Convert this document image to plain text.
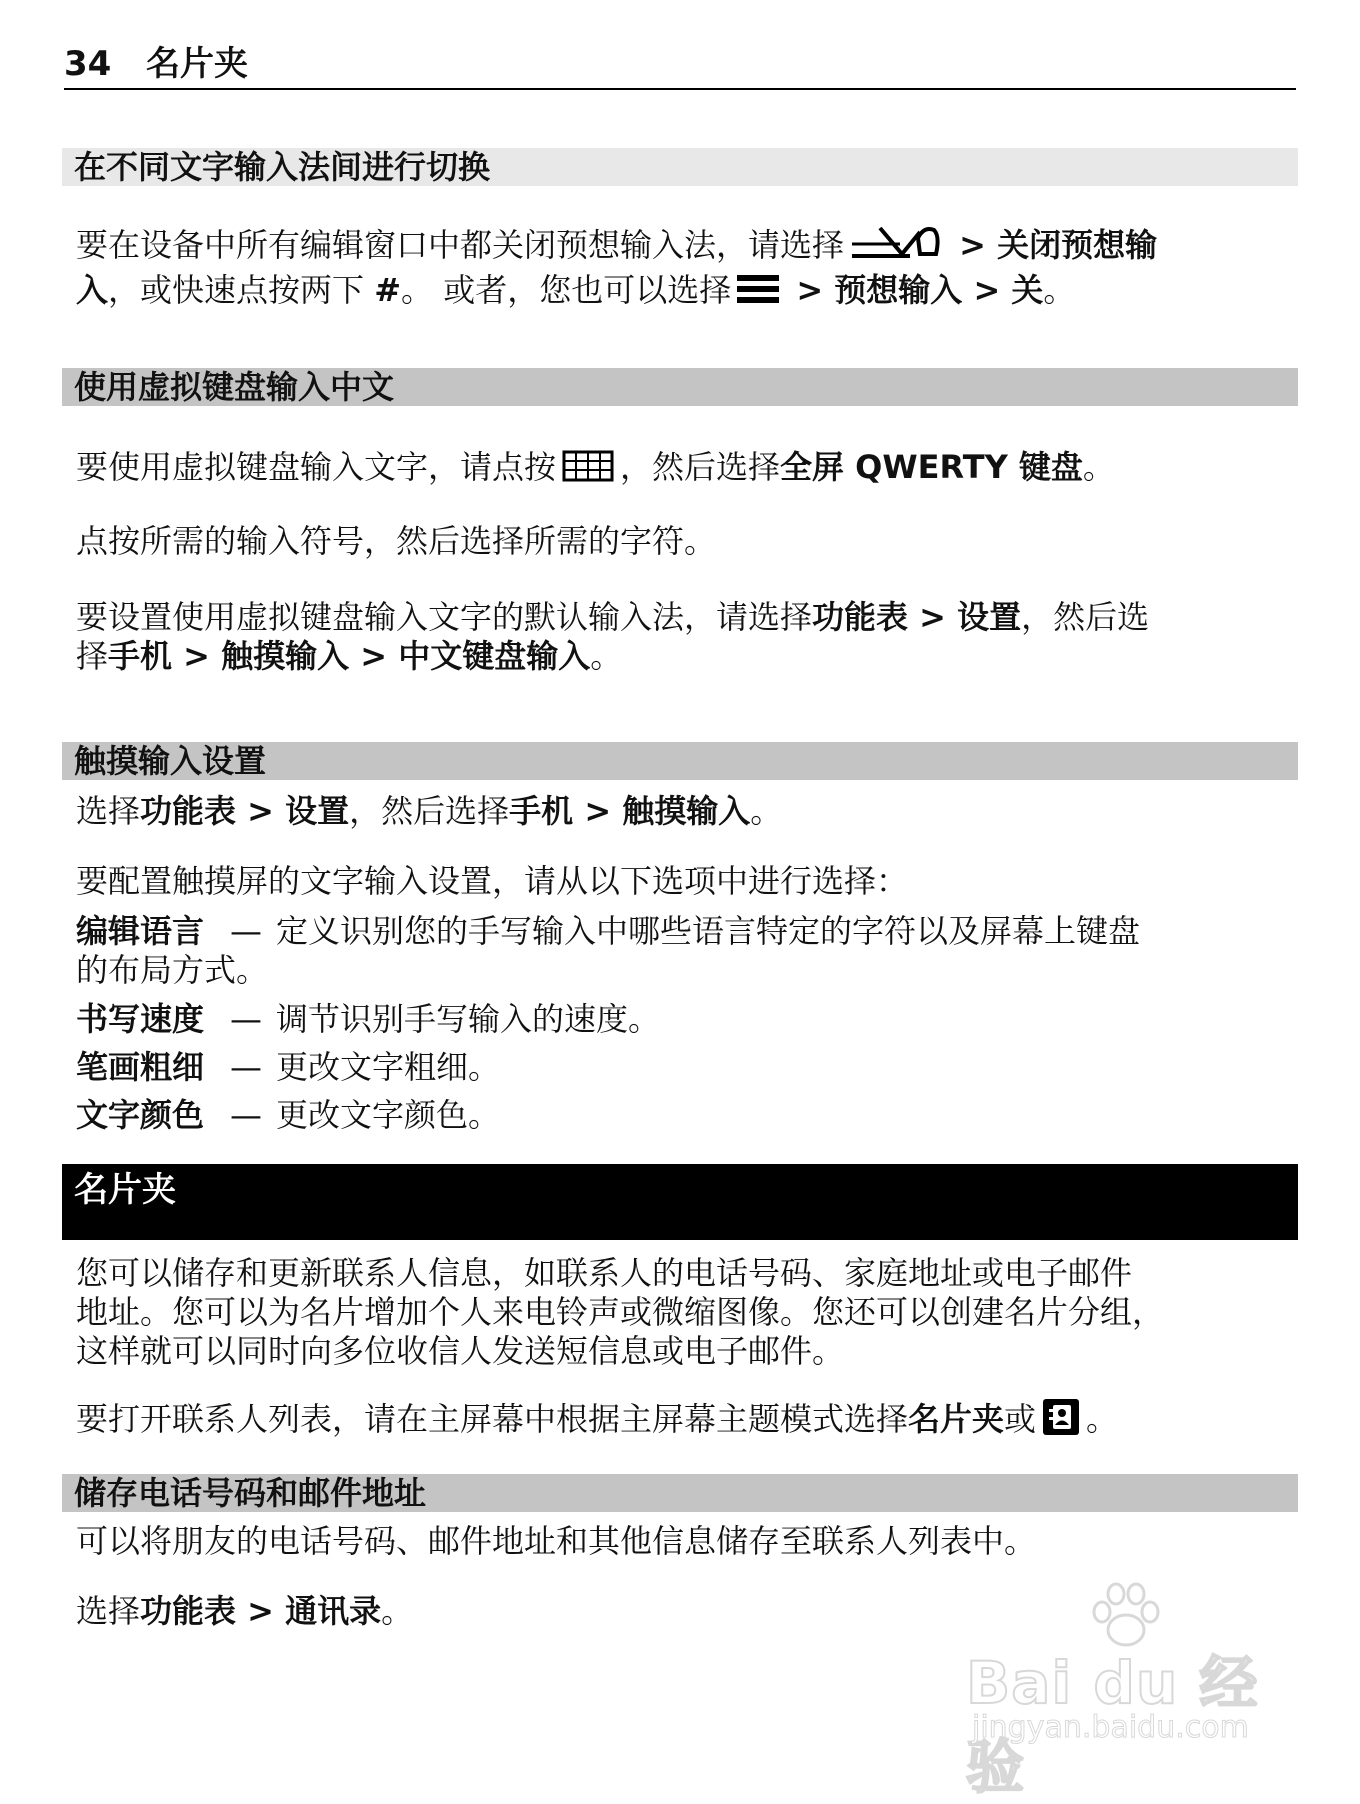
34 名片夹
在不同文字输入法间进行切换

要在设备中所有编辑窗口中都关闭预想输入法，请选择	> 关闭预想输
入，或快速点按两下 #。 或者，您也可以选择 > 预想输入 > 关。

使用虚拟键盘输入中文

要使用虚拟键盘输入文字，请点按 ，然后选择全屏 QWERTY 键盘。

点按所需的输入符号，然后选择所需的字符。

要设置使用虚拟键盘输入文字的默认输入法，请选择功能表 > 设置，然后选
择手机 > 触摸输入 > 中文键盘输入。

触摸输入设置

选择功能表 > 设置，然后选择手机 > 触摸输入。

要配置触摸屏的文字输入设置，请从以下选项中进行选择：

编辑语言 — 定义识别您的手写输入中哪些语言特定的字符以及屏幕上键盘
的布局方式。

书写速度 — 调节识别手写输入的速度。

笔画粗细 — 更改文字粗细。

文字颜色 — 更改文字颜色。

名片夹

您可以储存和更新联系人信息，如联系人的电话号码、家庭地址或电子邮件
地址。您可以为名片增加个人来电铃声或微缩图像。您还可以创建名片分组，
这样就可以同时向多位收信人发送短信息或电子邮件。

要打开联系人列表，请在主屏幕中根据主屏幕主题模式选择名片夹或 。

储存电话号码和邮件地址

可以将朋友的电话号码、邮件地址和其他信息储存至联系人列表中。

选择功能表 > 通讯录。

Bai du 经验
jingyan.baidu.com
